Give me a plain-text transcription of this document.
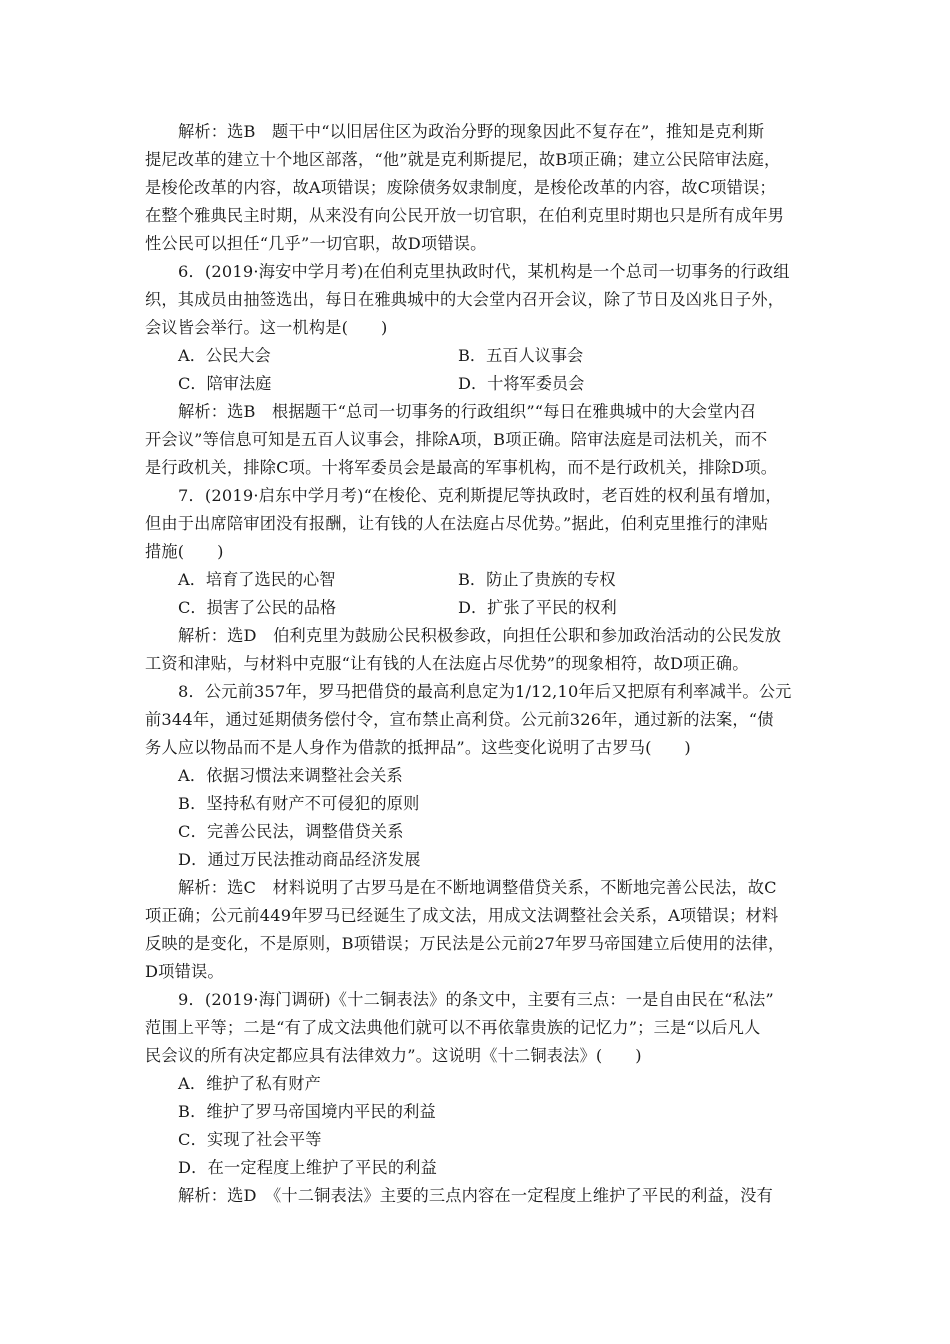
解析：选B　题干中“以旧居住区为政治分野的现象因此不复存在”，推知是克利斯
提尼改革的建立十个地区部落，“他”就是克利斯提尼，故B项正确；建立公民陪审法庭，
是梭伦改革的内容，故A项错误；废除债务奴隶制度，是梭伦改革的内容，故C项错误；
在整个雅典民主时期，从来没有向公民开放一切官职，在伯利克里时期也只是所有成年男
性公民可以担任“几乎”一切官职，故D项错误。
6．(2019·海安中学月考)在伯利克里执政时代，某机构是一个总司一切事务的行政组
织，其成员由抽签选出，每日在雅典城中的大会堂内召开会议，除了节日及凶兆日子外，
会议皆会举行。这一机构是(　　)
A．公民大会	B．五百人议事会
C．陪审法庭	D．十将军委员会
解析：选B　根据题干“总司一切事务的行政组织”“每日在雅典城中的大会堂内召
开会议”等信息可知是五百人议事会，排除A项，B项正确。陪审法庭是司法机关，而不
是行政机关，排除C项。十将军委员会是最高的军事机构，而不是行政机关，排除D项。
7．(2019·启东中学月考)“在梭伦、克利斯提尼等执政时，老百姓的权利虽有增加，
但由于出席陪审团没有报酬，让有钱的人在法庭占尽优势。”据此，伯利克里推行的津贴
措施(　　)
A．培育了选民的心智	B．防止了贵族的专权
C．损害了公民的品格	D．扩张了平民的权利
解析：选D　伯利克里为鼓励公民积极参政，向担任公职和参加政治活动的公民发放
工资和津贴，与材料中克服“让有钱的人在法庭占尽优势”的现象相符，故D项正确。
8．公元前357年，罗马把借贷的最高利息定为1/12,10年后又把原有利率减半。公元
前344年，通过延期债务偿付令，宣布禁止高利贷。公元前326年，通过新的法案，“债
务人应以物品而不是人身作为借款的抵押品”。这些变化说明了古罗马(　　)
A．依据习惯法来调整社会关系
B．坚持私有财产不可侵犯的原则
C．完善公民法，调整借贷关系
D．通过万民法推动商品经济发展
解析：选C　材料说明了古罗马是在不断地调整借贷关系，不断地完善公民法，故C
项正确；公元前449年罗马已经诞生了成文法，用成文法调整社会关系，A项错误；材料
反映的是变化，不是原则，B项错误；万民法是公元前27年罗马帝国建立后使用的法律，
D项错误。
9．(2019·海门调研)《十二铜表法》的条文中，主要有三点：一是自由民在“私法”
范围上平等；二是“有了成文法典他们就可以不再依靠贵族的记忆力”；三是“以后凡人
民会议的所有决定都应具有法律效力”。这说明《十二铜表法》(　　)
A．维护了私有财产
B．维护了罗马帝国境内平民的利益
C．实现了社会平等
D．在一定程度上维护了平民的利益
解析：选D　《十二铜表法》主要的三点内容在一定程度上维护了平民的利益，没有
